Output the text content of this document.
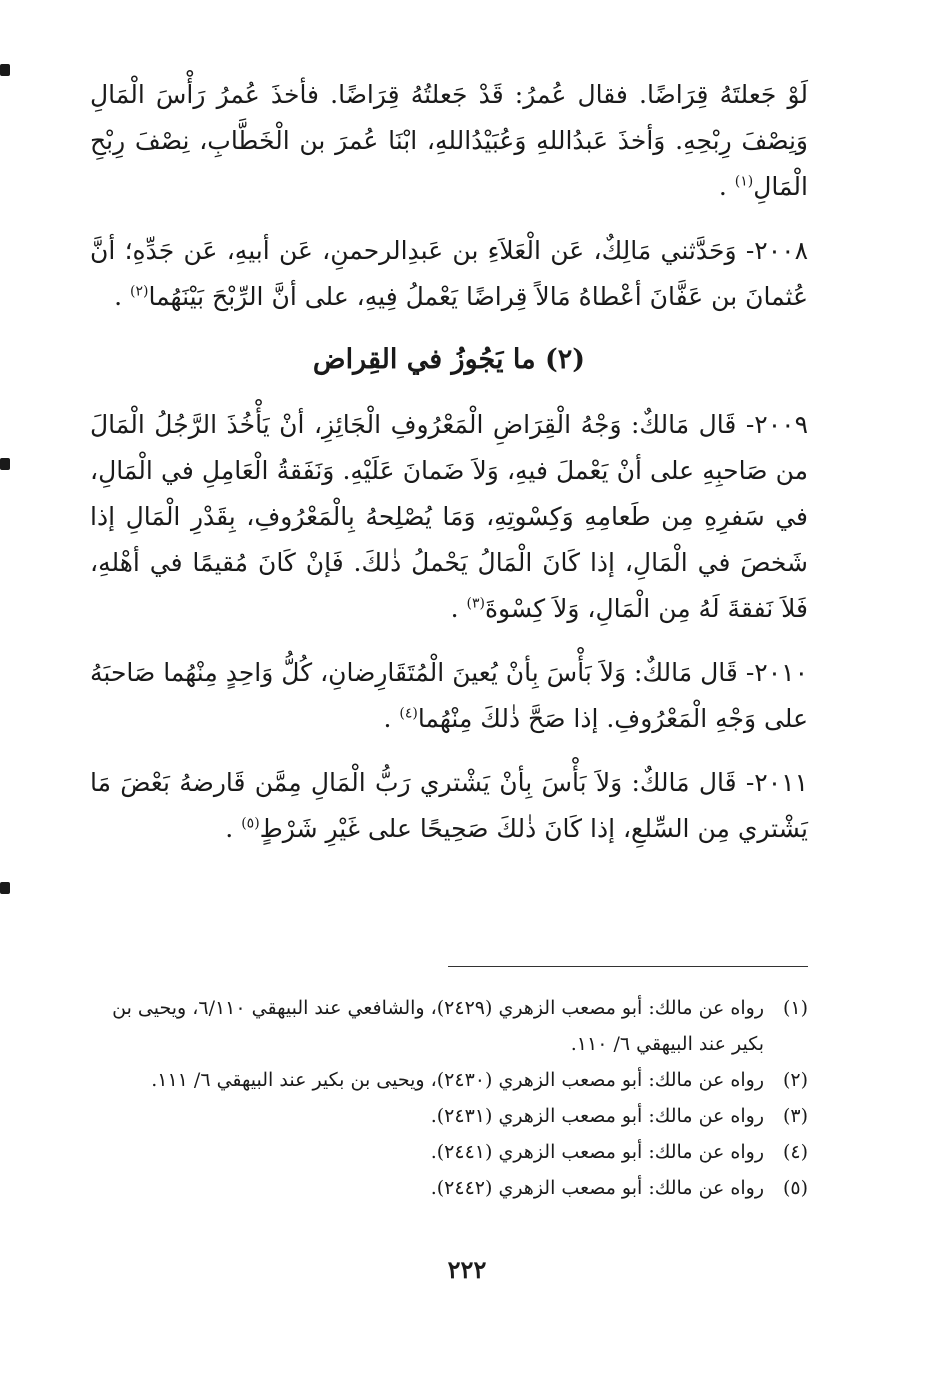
لَوْ جَعلتَهُ قِرَاضًا. فقال عُمرُ: قَدْ جَعلتُهُ قِرَاضًا. فأخذَ عُمرُ رَأْسَ الْمَالِ وَنِصْفَ رِبْحِهِ. وَأخذَ عَبدُاللهِ وَعُبَيْدُاللهِ، ابْنَا عُمرَ بن الْخَطَّابِ، نِصْفَ رِبْحِ الْمَالِ$^{(١)}$ .

٢٠٠٨- وَحَدَّثني مَالِكٌ، عَن الْعَلاَءِ بن عَبدِالرحمنِ، عَن أبيهِ، عَن جَدِّهِ؛ أنَّ عُثمانَ بن عَفَّانَ أعْطاهُ مَالاً قِراضًا يَعْملُ فِيهِ، على أنَّ الرِّبْحَ بَيْنَهُما$^{(٢)}$ .

(٢) ما يَجُوزُ في القِراض

٢٠٠٩- قَال مَالكٌ: وَجْهُ الْقِرَاضِ الْمَعْرُوفِ الْجَائِزِ، أنْ يَأْخُذَ الرَّجُلُ الْمَالَ من صَاحبِهِ على أنْ يَعْملَ فيهِ، وَلاَ ضَمانَ عَلَيْهِ. وَنَفَقةُ الْعَامِلِ في الْمَالِ، في سَفرِهِ مِن طَعامِهِ وَكِسْوتِهِ، وَمَا يُصْلِحهُ بِالْمَعْرُوفِ، بِقَدْرِ الْمَالِ إذا شَخصَ في الْمَالِ، إذا كَانَ الْمَالُ يَحْملُ ذٰلكَ. فَإنْ كَانَ مُقيمًا في أهْلهِ، فَلاَ نَفقةَ لَهُ مِن الْمَالِ، وَلاَ كِسْوةَ$^{(٣)}$ .

٢٠١٠- قَال مَالكٌ: وَلاَ بَأْسَ بِأنْ يُعينَ الْمُتَقَارِضانِ، كُلُّ وَاحِدٍ مِنْهُما صَاحبَهُ على وَجْهِ الْمَعْرُوفِ. إذا صَحَّ ذٰلكَ مِنْهُما$^{(٤)}$ .

٢٠١١- قَال مَالكٌ: وَلاَ بَأْسَ بِأنْ يَشْتري رَبُّ الْمَالِ مِمَّن قَارضهُ بَعْضَ مَا يَشْتري مِن السِّلعِ، إذا كَانَ ذٰلكَ صَحِيحًا على غَيْرِ شَرْطٍ$^{(٥)}$ .

(١)
رواه عن مالك: أبو مصعب الزهري (٢٤٢٩)، والشافعي عند البيهقي ٦/١١٠، ويحيى بن بكير عند البيهقي ٦/ ١١٠.
(٢)
رواه عن مالك: أبو مصعب الزهري (٢٤٣٠)، ويحيى بن بكير عند البيهقي ٦/ ١١١.
(٣)
رواه عن مالك: أبو مصعب الزهري (٢٤٣١).
(٤)
رواه عن مالك: أبو مصعب الزهري (٢٤٤١).
(٥)
رواه عن مالك: أبو مصعب الزهري (٢٤٤٢).
٢٢٢
